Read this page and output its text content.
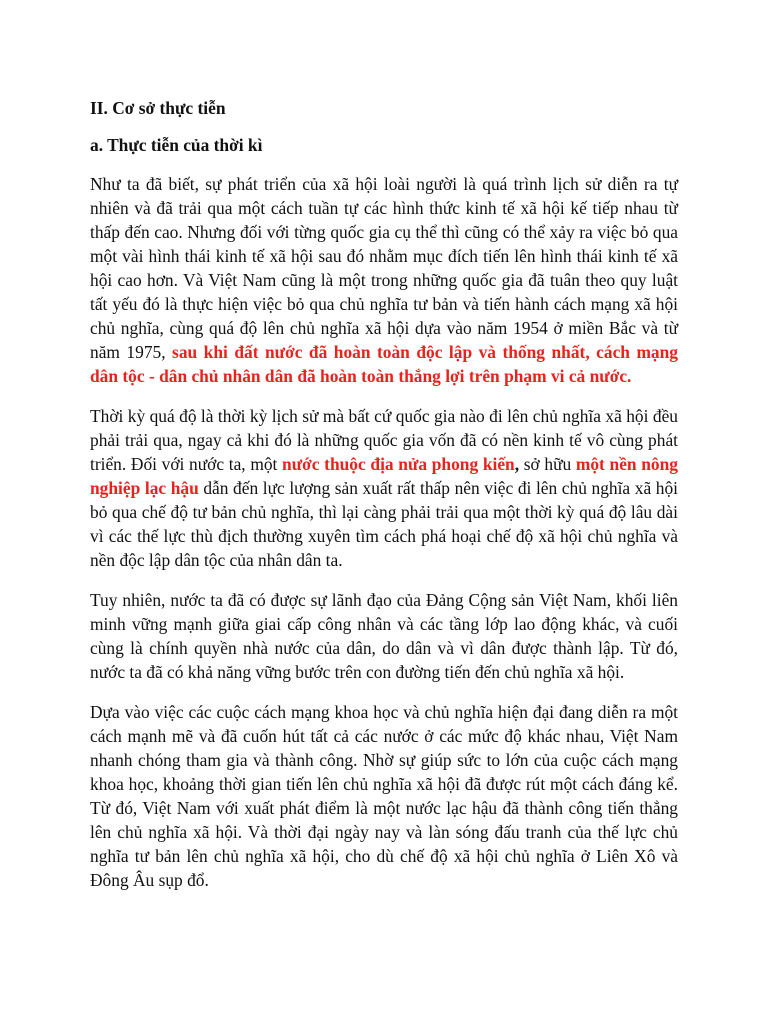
II. Cơ sở thực tiễn

a. Thực tiễn của thời kì

Như ta đã biết, sự phát triển của xã hội loài người là quá trình lịch sử diễn ra tự nhiên và đã trải qua một cách tuần tự các hình thức kinh tế xã hội kế tiếp nhau từ thấp đến cao. Nhưng đối với từng quốc gia cụ thể thì cũng có thể xảy ra việc bỏ qua một vài hình thái kinh tế xã hội sau đó nhằm mục đích tiến lên hình thái kinh tế xã hội cao hơn. Và Việt Nam cũng là một trong những quốc gia đã tuân theo quy luật tất yếu đó là thực hiện việc bỏ qua chủ nghĩa tư bản và tiến hành cách mạng xã hội chủ nghĩa, cùng quá độ lên chủ nghĩa xã hội dựa vào năm 1954 ở miền Bắc và từ năm 1975, sau khi đất nước đã hoàn toàn độc lập và thống nhất, cách mạng dân tộc - dân chủ nhân dân đã hoàn toàn thắng lợi trên phạm vi cả nước.

Thời kỳ quá độ là thời kỳ lịch sử mà bất cứ quốc gia nào đi lên chủ nghĩa xã hội đều phải trải qua, ngay cả khi đó là những quốc gia vốn đã có nền kinh tế vô cùng phát triển. Đối với nước ta, một nước thuộc địa nửa phong kiến, sở hữu một nền nông nghiệp lạc hậu dẫn đến lực lượng sản xuất rất thấp nên việc đi lên chủ nghĩa xã hội bỏ qua chế độ tư bản chủ nghĩa, thì lại càng phải trải qua một thời kỳ quá độ lâu dài vì các thế lực thù địch thường xuyên tìm cách phá hoại chế độ xã hội chủ nghĩa và nền độc lập dân tộc của nhân dân ta.

Tuy nhiên, nước ta đã có được sự lãnh đạo của Đảng Cộng sản Việt Nam, khối liên minh vững mạnh giữa giai cấp công nhân và các tầng lớp lao động khác, và cuối cùng là chính quyền nhà nước của dân, do dân và vì dân được thành lập. Từ đó, nước ta đã có khả năng vững bước trên con đường tiến đến chủ nghĩa xã hội.

Dựa vào việc các cuộc cách mạng khoa học và chủ nghĩa hiện đại đang diễn ra một cách mạnh mẽ và đã cuốn hút tất cả các nước ở các mức độ khác nhau, Việt Nam nhanh chóng tham gia và thành công. Nhờ sự giúp sức to lớn của cuộc cách mạng khoa học, khoảng thời gian tiến lên chủ nghĩa xã hội đã được rút một cách đáng kể. Từ đó, Việt Nam với xuất phát điểm là một nước lạc hậu đã thành công tiến thẳng lên chủ nghĩa xã hội. Và thời đại ngày nay và làn sóng đấu tranh của thế lực chủ nghĩa tư bản lên chủ nghĩa xã hội, cho dù chế độ xã hội chủ nghĩa ở Liên Xô và Đông Âu sụp đổ.
